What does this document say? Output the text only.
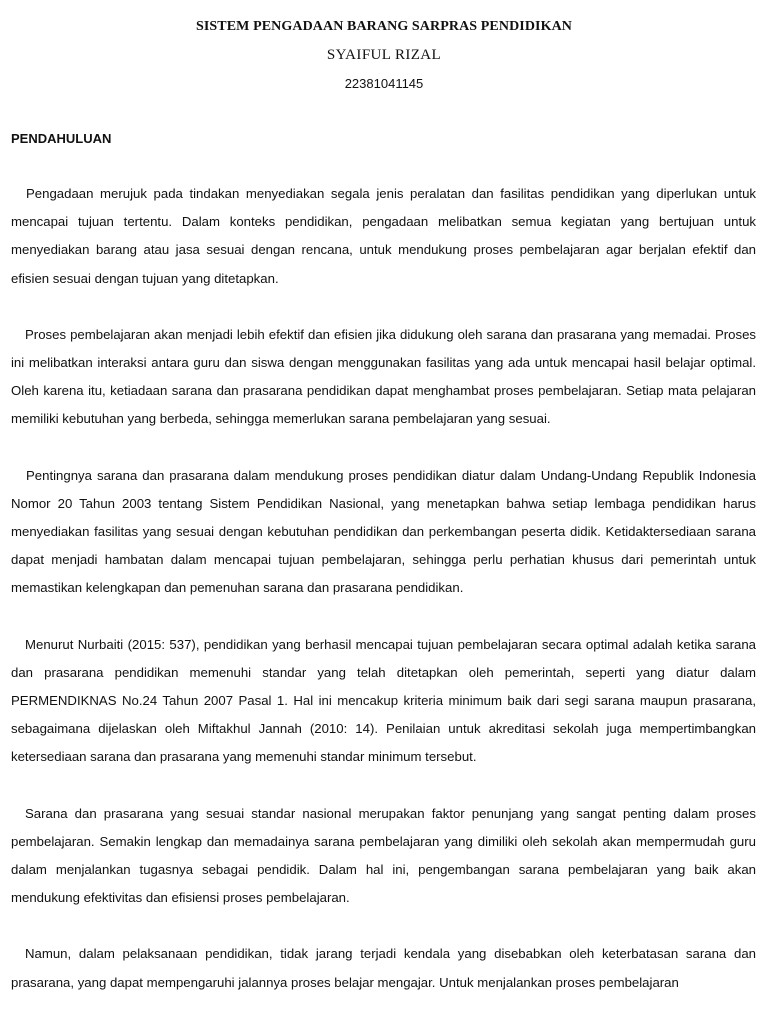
SISTEM PENGADAAN BARANG SARPRAS PENDIDIKAN
SYAIFUL RIZAL
22381041145
PENDAHULUAN

Pengadaan merujuk pada tindakan menyediakan segala jenis peralatan dan fasilitas pendidikan yang diperlukan untuk mencapai tujuan tertentu. Dalam konteks pendidikan, pengadaan melibatkan semua kegiatan yang bertujuan untuk menyediakan barang atau jasa sesuai dengan rencana, untuk mendukung proses pembelajaran agar berjalan efektif dan efisien sesuai dengan tujuan yang ditetapkan.

Proses pembelajaran akan menjadi lebih efektif dan efisien jika didukung oleh sarana dan prasarana yang memadai. Proses ini melibatkan interaksi antara guru dan siswa dengan menggunakan fasilitas yang ada untuk mencapai hasil belajar optimal. Oleh karena itu, ketiadaan sarana dan prasarana pendidikan dapat menghambat proses pembelajaran. Setiap mata pelajaran memiliki kebutuhan yang berbeda, sehingga memerlukan sarana pembelajaran yang sesuai.

Pentingnya sarana dan prasarana dalam mendukung proses pendidikan diatur dalam Undang-Undang Republik Indonesia Nomor 20 Tahun 2003 tentang Sistem Pendidikan Nasional, yang menetapkan bahwa setiap lembaga pendidikan harus menyediakan fasilitas yang sesuai dengan kebutuhan pendidikan dan perkembangan peserta didik. Ketidaktersediaan sarana dapat menjadi hambatan dalam mencapai tujuan pembelajaran, sehingga perlu perhatian khusus dari pemerintah untuk memastikan kelengkapan dan pemenuhan sarana dan prasarana pendidikan.

Menurut Nurbaiti (2015: 537), pendidikan yang berhasil mencapai tujuan pembelajaran secara optimal adalah ketika sarana dan prasarana pendidikan memenuhi standar yang telah ditetapkan oleh pemerintah, seperti yang diatur dalam PERMENDIKNAS No.24 Tahun 2007 Pasal 1. Hal ini mencakup kriteria minimum baik dari segi sarana maupun prasarana, sebagaimana dijelaskan oleh Miftakhul Jannah (2010: 14). Penilaian untuk akreditasi sekolah juga mempertimbangkan ketersediaan sarana dan prasarana yang memenuhi standar minimum tersebut.

Sarana dan prasarana yang sesuai standar nasional merupakan faktor penunjang yang sangat penting dalam proses pembelajaran. Semakin lengkap dan memadainya sarana pembelajaran yang dimiliki oleh sekolah akan mempermudah guru dalam menjalankan tugasnya sebagai pendidik. Dalam hal ini, pengembangan sarana pembelajaran yang baik akan mendukung efektivitas dan efisiensi proses pembelajaran.

Namun, dalam pelaksanaan pendidikan, tidak jarang terjadi kendala yang disebabkan oleh keterbatasan sarana dan prasarana, yang dapat mempengaruhi jalannya proses belajar mengajar. Untuk menjalankan proses pembelajaran
